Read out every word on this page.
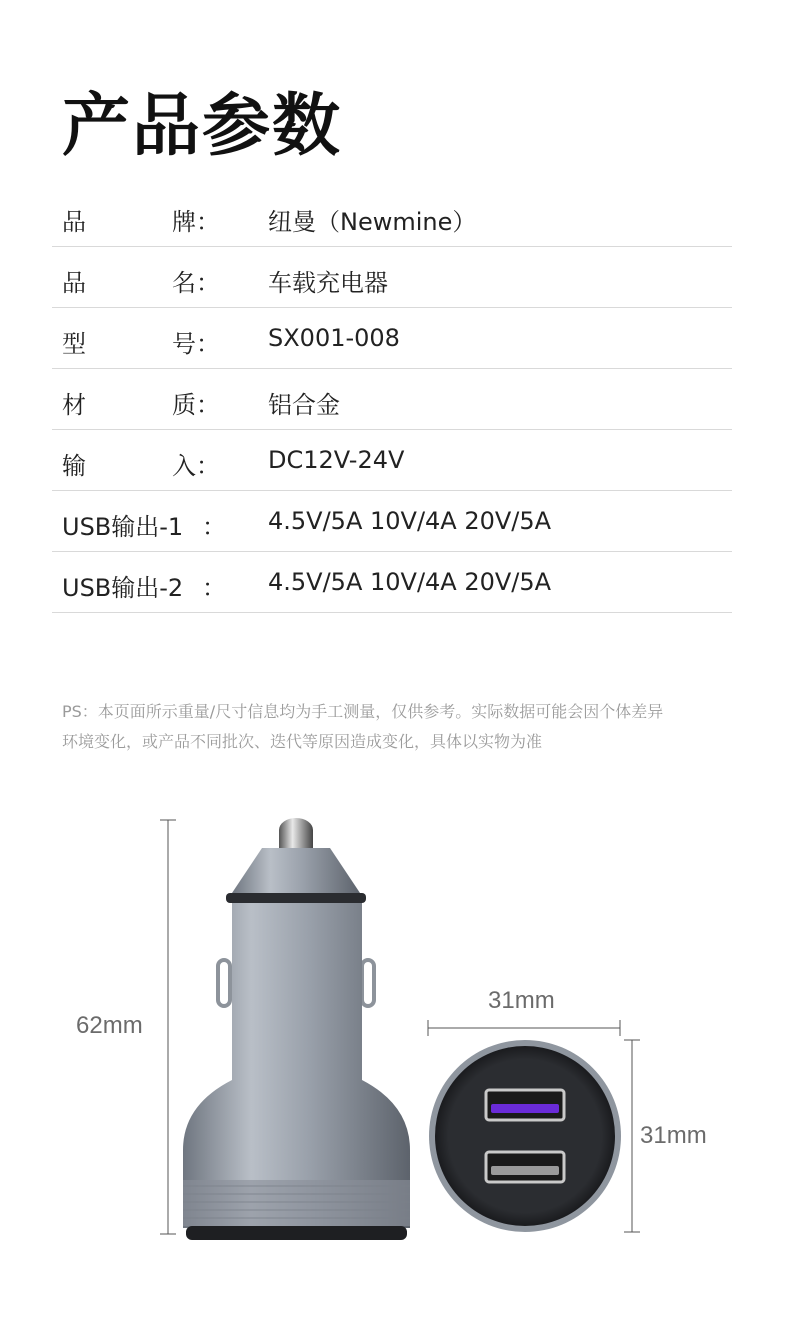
产品参数
品	牌： 纽曼（Newmine）
品	名： 车载充电器
型	号： SX001-008
材	质： 铝合金
输	入： DC12V-24V
USB输出-1 ： 4.5V/5A 10V/4A 20V/5A
USB输出-2 ： 4.5V/5A 10V/4A 20V/5A
PS：本页面所示重量/尺寸信息均为手工测量，仅供参考。实际数据可能会因个体差异
环境变化，或产品不同批次、迭代等原因造成变化，具体以实物为准
62mm
31mm
31mm
